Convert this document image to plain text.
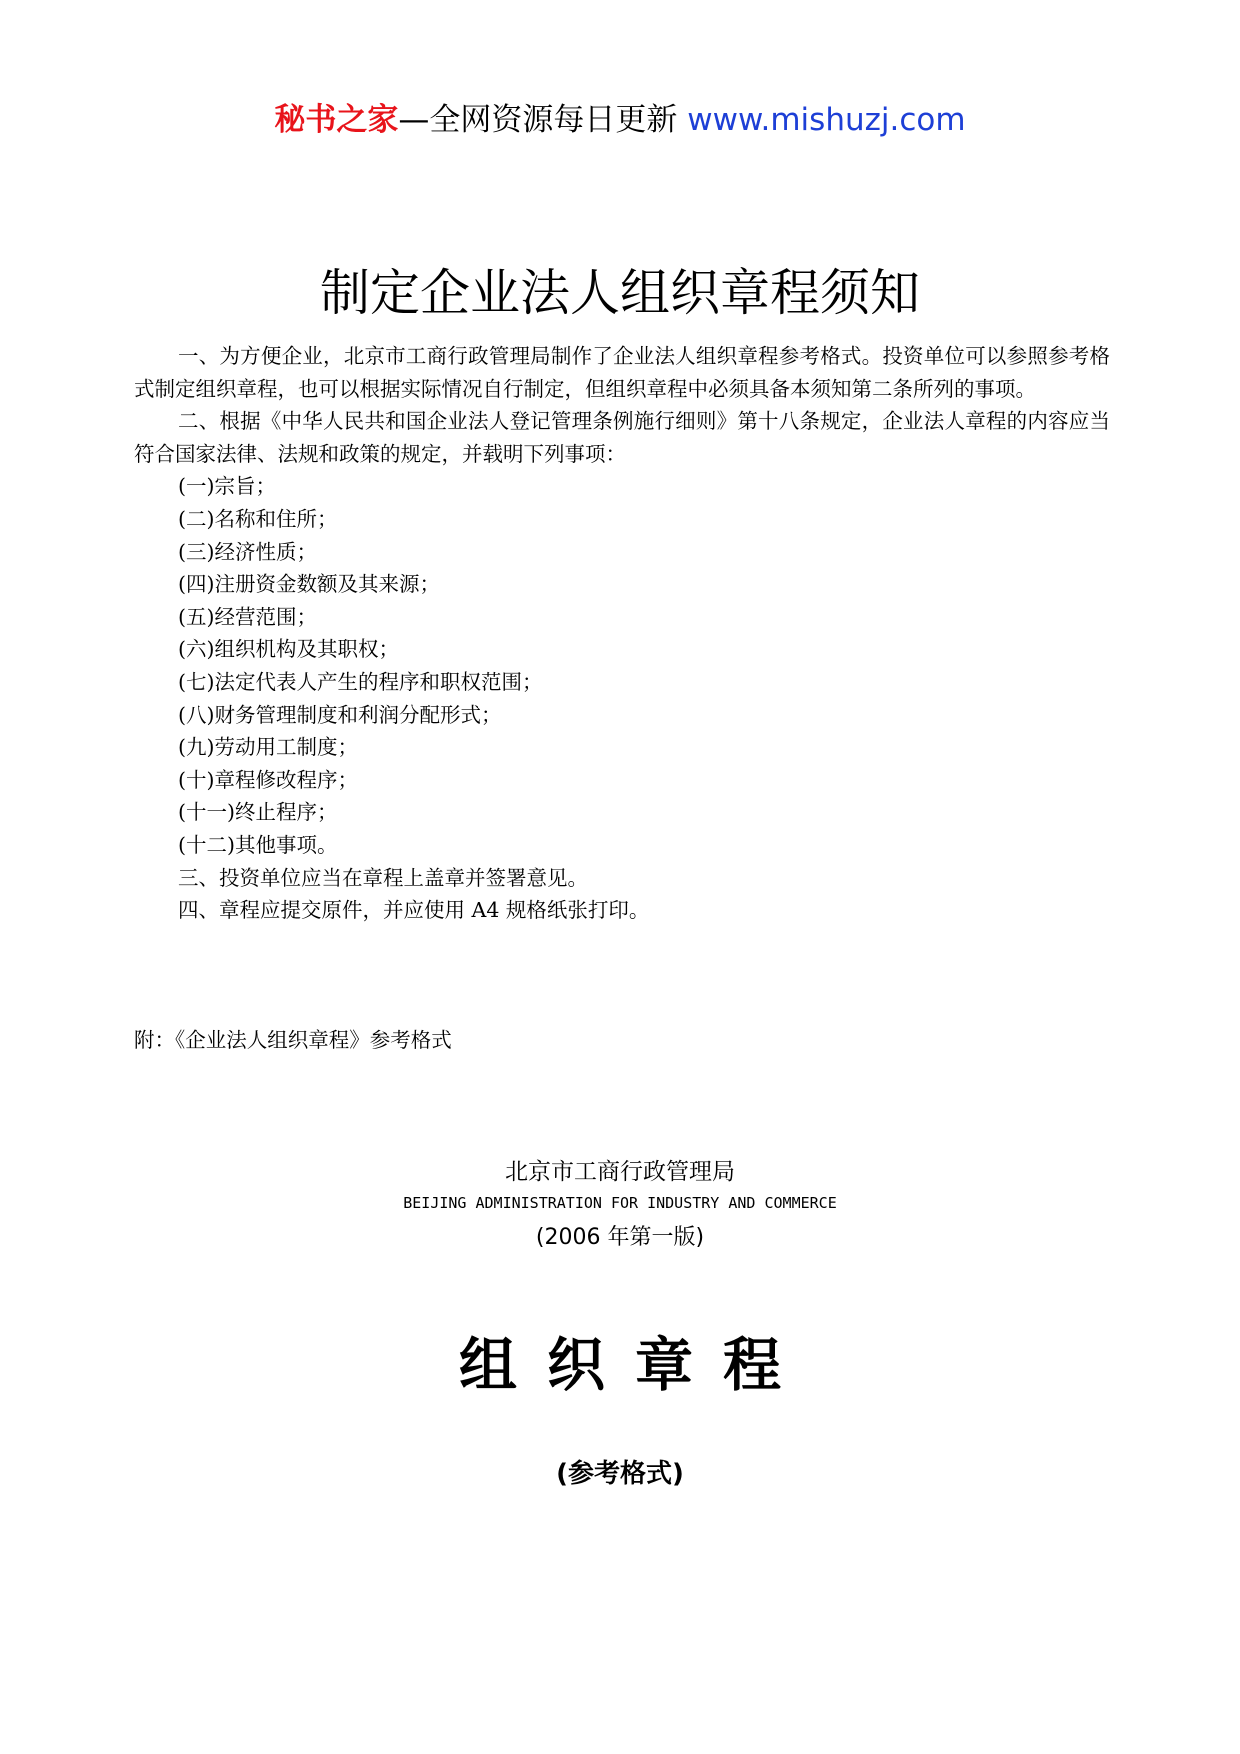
秘书之家—全网资源每日更新 www.mishuzj.com
制定企业法人组织章程须知

一、为方便企业，北京市工商行政管理局制作了企业法人组织章程参考格式。投资单位可以参照参考格式制定组织章程，也可以根据实际情况自行制定，但组织章程中必须具备本须知第二条所列的事项。

二、根据《中华人民共和国企业法人登记管理条例施行细则》第十八条规定，企业法人章程的内容应当符合国家法律、法规和政策的规定，并载明下列事项：

(一)宗旨；
(二)名称和住所；
(三)经济性质；
(四)注册资金数额及其来源；
(五)经营范围；
(六)组织机构及其职权；
(七)法定代表人产生的程序和职权范围；
(八)财务管理制度和利润分配形式；
(九)劳动用工制度；
(十)章程修改程序；
(十一)终止程序；
(十二)其他事项。
三、投资单位应当在章程上盖章并签署意见。
四、章程应提交原件，并应使用 A4 规格纸张打印。
附：《企业法人组织章程》参考格式
北京市工商行政管理局
BEIJING ADMINISTRATION FOR INDUSTRY AND COMMERCE
(2006 年第一版)
组织章程
(参考格式)
